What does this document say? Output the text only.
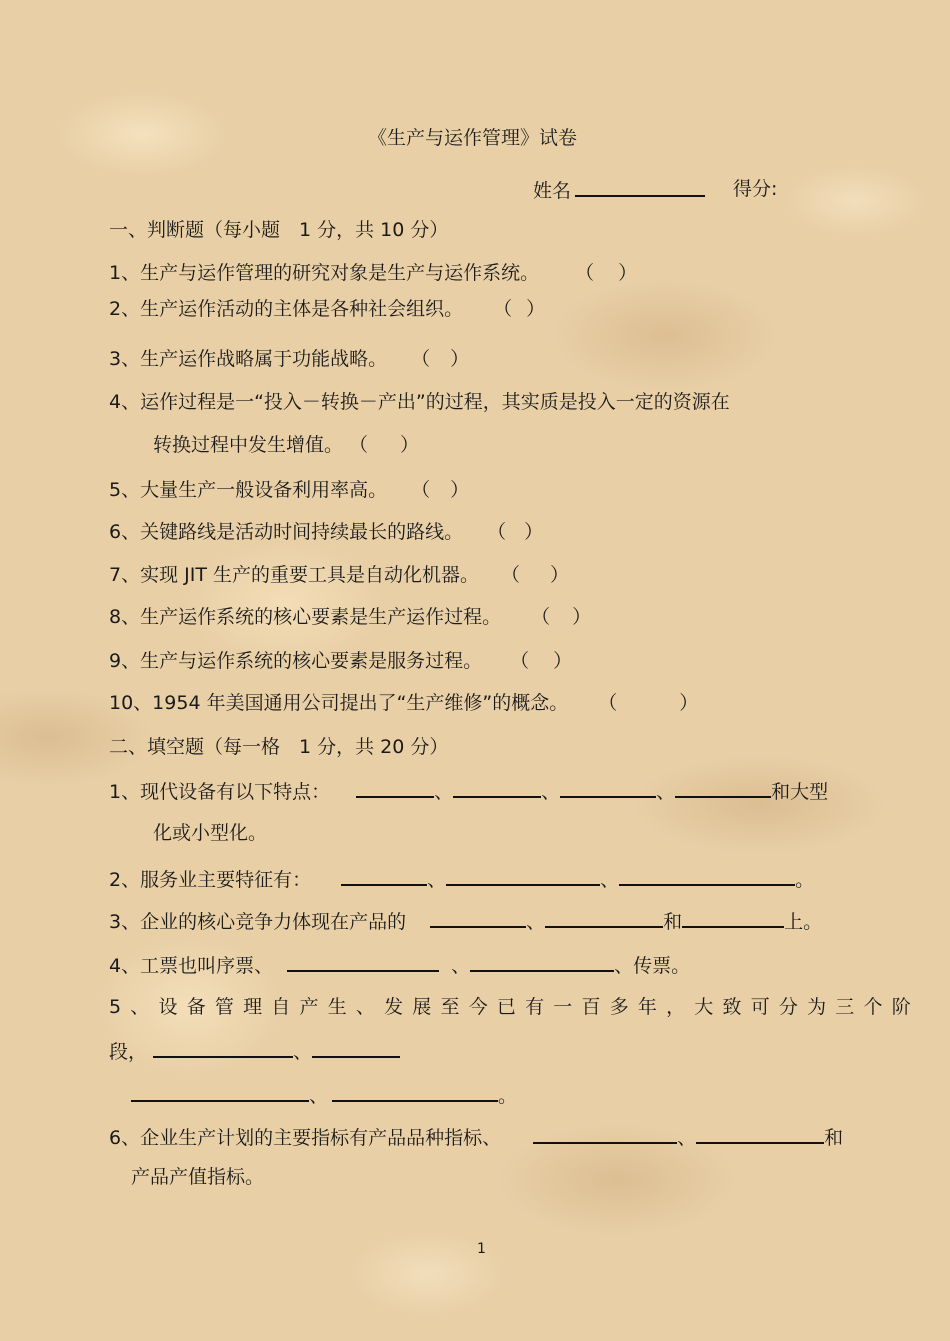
《生产与运作管理》试卷
姓名	得分:
一、判断题（每小题　1 分，共 10 分）
1、生产与运作管理的研究对象是生产与运作系统。 （ ）
2、生产运作活动的主体是各种社会组织。 （ ）
3、生产运作战略属于功能战略。 （ ）
4、运作过程是一“投入－转换－产出”的过程，其实质是投入一定的资源在
转换过程中发生增值。 （ ）
5、大量生产一般设备利用率高。 （ ）
6、关键路线是活动时间持续最长的路线。 （ ）
7、实现 JIT 生产的重要工具是自动化机器。 （ ）
8、生产运作系统的核心要素是生产运作过程。 （ ）
9、生产与运作系统的核心要素是服务过程。 （ ）
10、1954 年美国通用公司提出了“生产维修”的概念。 （	）
二、填空题（每一格　1 分，共 20 分）
1、现代设备有以下特点：	、	、	、	和大型
化或小型化。
2、服务业主要特征有：	、	、	。
3、企业的核心竞争力体现在产品的	、	和	上。
4、工票也叫序票、	、	、传票。
5、设备管理自产生、发展至今已有一百多年，大致可分为三个阶
段，	、
、	。
6、企业生产计划的主要指标有产品品种指标、	、	和
产品产值指标。
1
